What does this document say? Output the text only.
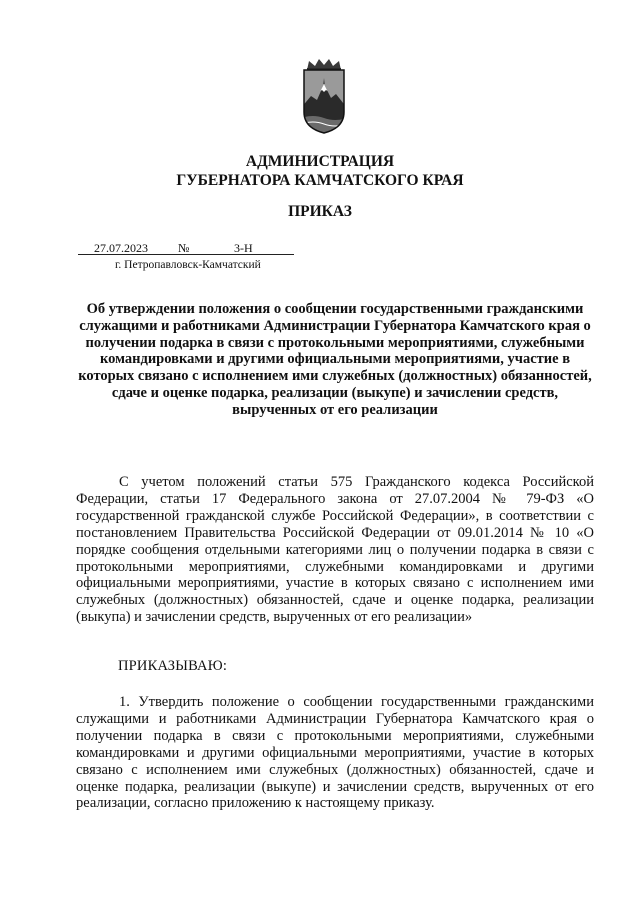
АДМИНИСТРАЦИЯ
ГУБЕРНАТОРА КАМЧАТСКОГО КРАЯ
ПРИКАЗ
27.07.2023	№	3-Н
г. Петропавловск-Камчатский
Об утверждении положения о сообщении государственными гражданскими служащими и работниками Администрации Губернатора Камчатского края о получении подарка в связи с протокольными мероприятиями, служебными командировками и другими официальными мероприятиями, участие в которых связано с исполнением ими служебных (должностных) обязанностей, сдаче и оценке подарка, реализации (выкупе) и зачислении средств, вырученных от его реализации

С учетом положений статьи 575 Гражданского кодекса Российской Федерации, статьи 17 Федерального закона от 27.07.2004 № 79-ФЗ «О государственной гражданской службе Российской Федерации», в соответствии с постановлением Правительства Российской Федерации от 09.01.2014 № 10 «О порядке сообщения отдельными категориями лиц о получении подарка в связи с протокольными мероприятиями, служебными командировками и другими официальными мероприятиями, участие в которых связано с исполнением ими служебных (должностных) обязанностей, сдаче и оценке подарка, реализации (выкупа) и зачислении средств, вырученных от его реализации»

ПРИКАЗЫВАЮ:

1. Утвердить положение о сообщении государственными гражданскими служащими и работниками Администрации Губернатора Камчатского края о получении подарка в связи с протокольными мероприятиями, служебными командировками и другими официальными мероприятиями, участие в которых связано с исполнением ими служебных (должностных) обязанностей, сдаче и оценке подарка, реализации (выкупе) и зачислении средств, вырученных от его реализации, согласно приложению к настоящему приказу.
